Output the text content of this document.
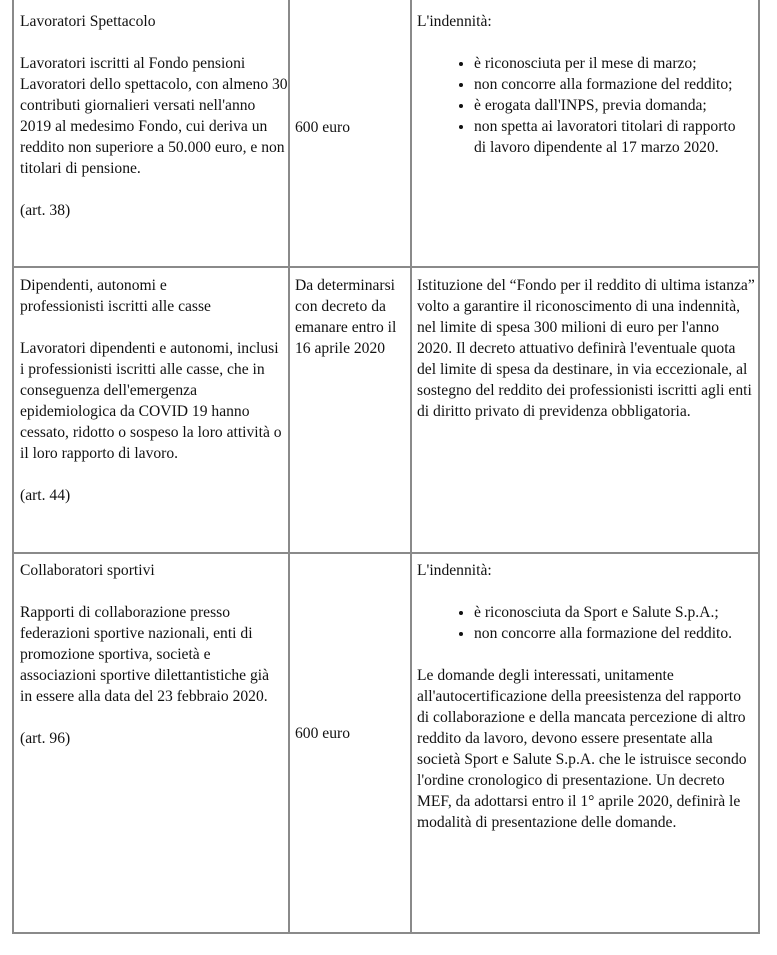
Lavoratori Spettacolo
Lavoratori iscritti al Fondo pensioni Lavoratori dello spettacolo, con almeno 30 contributi giornalieri versati nell'anno 2019 al medesimo Fondo, cui deriva un reddito non superiore a 50.000 euro, e non titolari di pensione.
(art. 38)
600 euro
L'indennità:
• è riconosciuta per il mese di marzo;
• non concorre alla formazione del reddito;
• è erogata dall'INPS, previa domanda;
• non spetta ai lavoratori titolari di rapporto di lavoro dipendente al 17 marzo 2020.
Dipendenti, autonomi e professionisti iscritti alle casse
Lavoratori dipendenti e autonomi, inclusi i professionisti iscritti alle casse, che in conseguenza dell'emergenza epidemiologica da COVID 19 hanno cessato, ridotto o sospeso la loro attività o il loro rapporto di lavoro.
(art. 44)
Da determinarsi con decreto da emanare entro il 16 aprile 2020
Istituzione del “Fondo per il reddito di ultima istanza” volto a garantire il riconoscimento di una indennità, nel limite di spesa 300 milioni di euro per l'anno 2020. Il decreto attuativo definirà l'eventuale quota del limite di spesa da destinare, in via eccezionale, al sostegno del reddito dei professionisti iscritti agli enti di diritto privato di previdenza obbligatoria.
Collaboratori sportivi
Rapporti di collaborazione presso federazioni sportive nazionali, enti di promozione sportiva, società e associazioni sportive dilettantistiche già in essere alla data del 23 febbraio 2020.
(art. 96)	600 euro
L'indennità:
• è riconosciuta da Sport e Salute S.p.A.;
• non concorre alla formazione del reddito.
Le domande degli interessati, unitamente all'autocertificazione della preesistenza del rapporto di collaborazione e della mancata percezione di altro reddito da lavoro, devono essere presentate alla società Sport e Salute S.p.A. che le istruisce secondo l'ordine cronologico di presentazione. Un decreto MEF, da adottarsi entro il 1° aprile 2020, definirà le modalità di presentazione delle domande.
